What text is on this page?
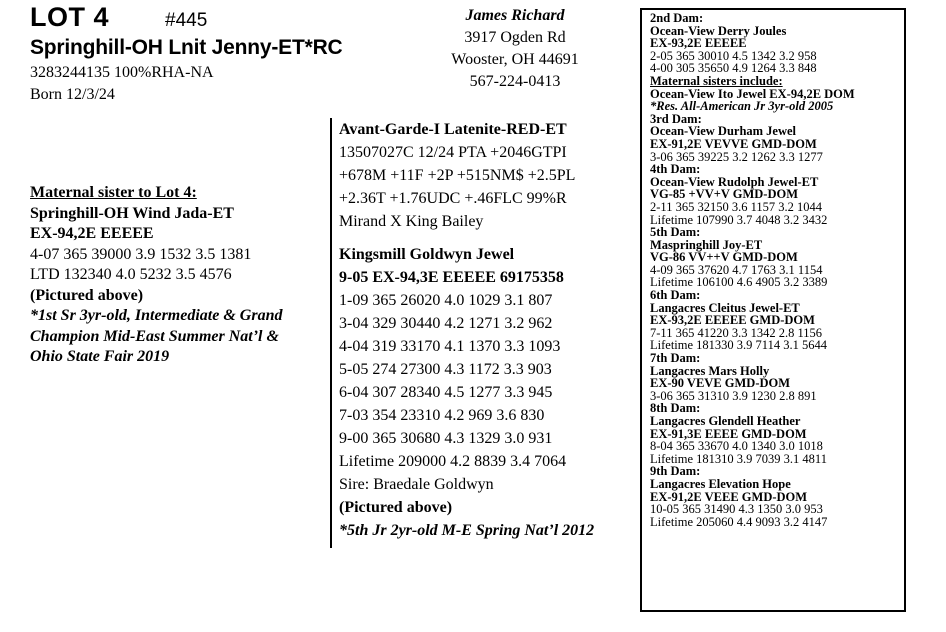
LOT 4	#445
Springhill-OH Lnit Jenny-ET*RC
3283244135 100%RHA-NA
Born 12/3/24
James Richard
3917 Ogden Rd
Wooster, OH 44691
567-224-0413
Maternal sister to Lot 4:
Springhill-OH Wind Jada-ET
EX-94,2E EEEEE
4-07 365 39000 3.9 1532 3.5 1381
LTD 132340 4.0 5232 3.5 4576
(Pictured above)
*1st Sr 3yr-old, Intermediate & Grand
Champion Mid-East Summer Nat’l &
Ohio State Fair 2019
Avant-Garde-I Latenite-RED-ET
13507027C 12/24 PTA +2046GTPI
+678M +11F +2P +515NM$ +2.5PL
+2.36T +1.76UDC +.46FLC 99%R
Mirand X King Bailey
Kingsmill Goldwyn Jewel
9-05 EX-94,3E EEEEE 69175358
1-09 365 26020 4.0 1029 3.1 807
3-04 329 30440 4.2 1271 3.2 962
4-04 319 33170 4.1 1370 3.3 1093
5-05 274 27300 4.3 1172 3.3 903
6-04 307 28340 4.5 1277 3.3 945
7-03 354 23310 4.2 969 3.6 830
9-00 365 30680 4.3 1329 3.0 931
Lifetime 209000 4.2 8839 3.4 7064
Sire: Braedale Goldwyn
(Pictured above)
*5th Jr 2yr-old M-E Spring Nat’l 2012
2nd Dam:
Ocean-View Derry Joules
EX-93,2E EEEEE
2-05 365 30010 4.5 1342 3.2 958
4-00 305 35650 4.9 1264 3.3 848
Maternal sisters include:
Ocean-View Ito Jewel EX-94,2E DOM
*Res. All-American Jr 3yr-old 2005
3rd Dam:
Ocean-View Durham Jewel
EX-91,2E VEVVE GMD-DOM
3-06 365 39225 3.2 1262 3.3 1277
4th Dam:
Ocean-View Rudolph Jewel-ET
VG-85 +VV+V GMD-DOM
2-11 365 32150 3.6 1157 3.2 1044
Lifetime 107990 3.7 4048 3.2 3432
5th Dam:
Maspringhill Joy-ET
VG-86 VV++V GMD-DOM
4-09 365 37620 4.7 1763 3.1 1154
Lifetime 106100 4.6 4905 3.2 3389
6th Dam:
Langacres Cleitus Jewel-ET
EX-93,2E EEEEE GMD-DOM
7-11 365 41220 3.3 1342 2.8 1156
Lifetime 181330 3.9 7114 3.1 5644
7th Dam:
Langacres Mars Holly
EX-90 VEVE GMD-DOM
3-06 365 31310 3.9 1230 2.8 891
8th Dam:
Langacres Glendell Heather
EX-91,3E EEEE GMD-DOM
8-04 365 33670 4.0 1340 3.0 1018
Lifetime 181310 3.9 7039 3.1 4811
9th Dam:
Langacres Elevation Hope
EX-91,2E VEEE GMD-DOM
10-05 365 31490 4.3 1350 3.0 953
Lifetime 205060 4.4 9093 3.2 4147
